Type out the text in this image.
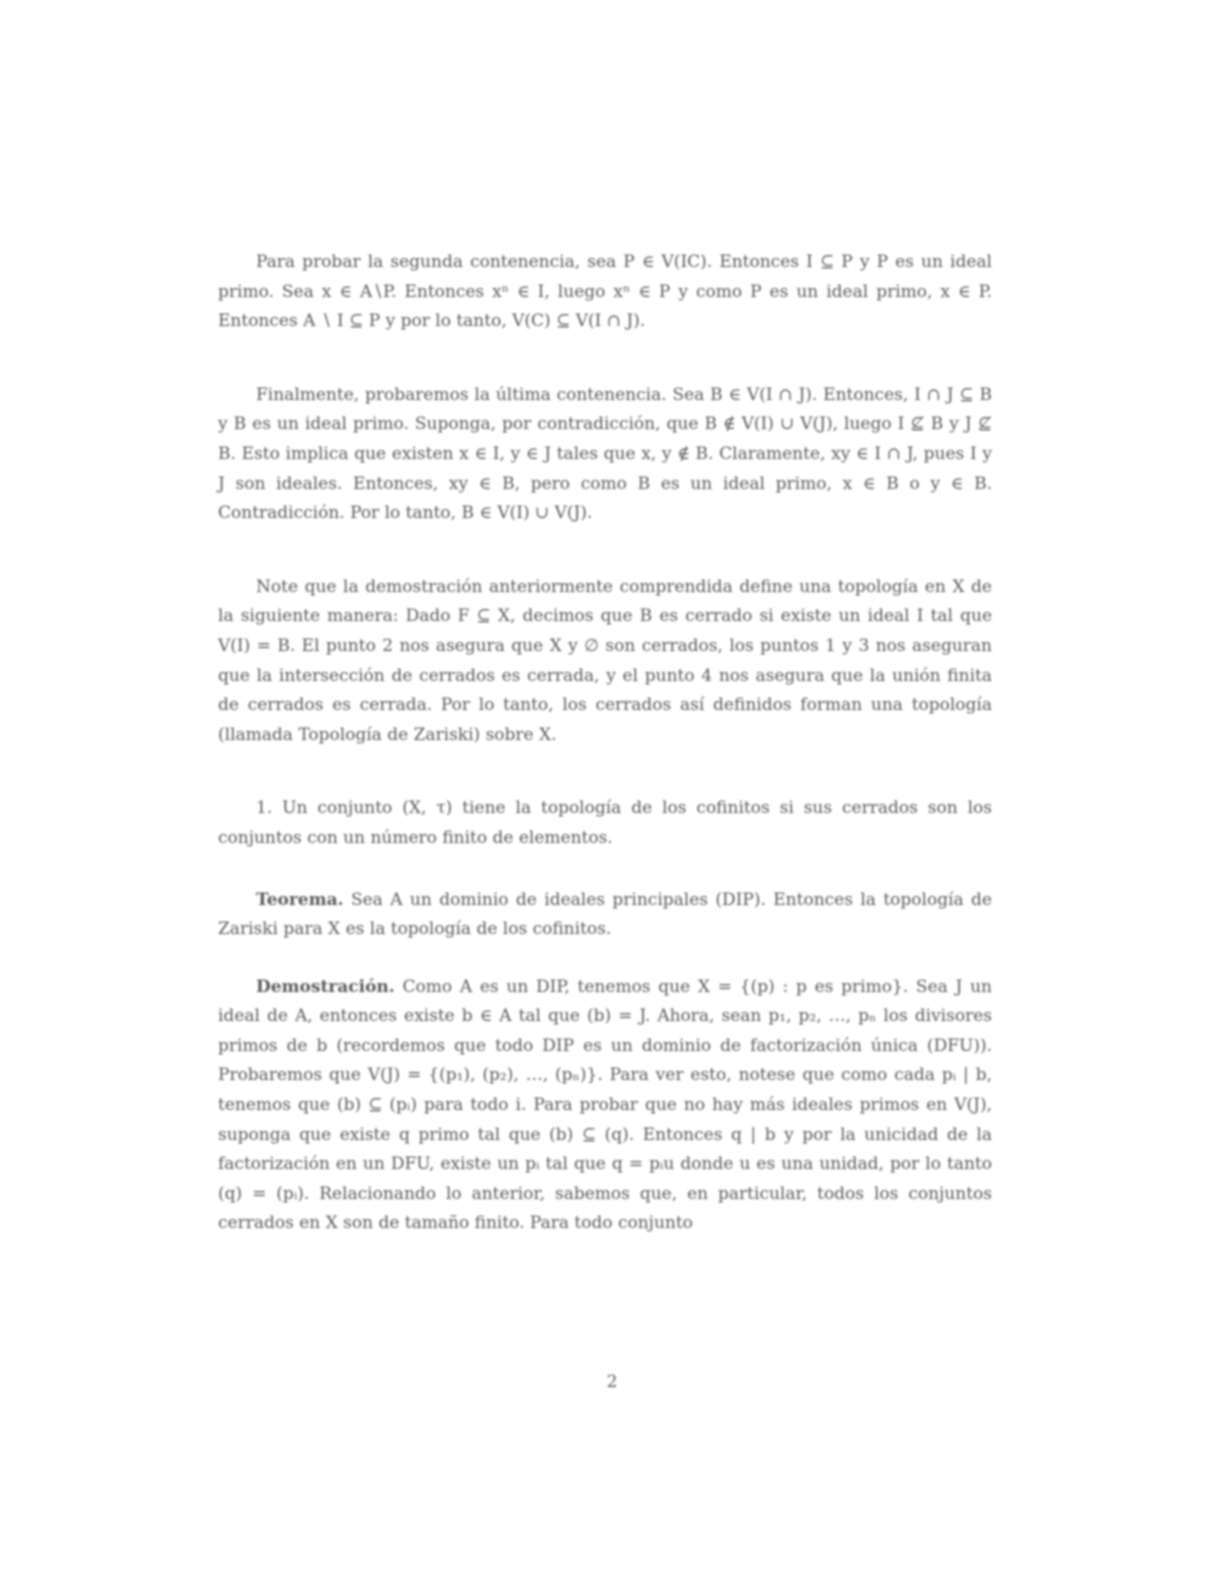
Para probar la segunda contenencia, sea P ∈ V(IC). Entonces I ⊆ P y P es un ideal primo. Sea x ∈ A∖P. Entonces xⁿ ∈ I, luego xⁿ ∈ P y como P es un ideal primo, x ∈ P. Entonces A ∖ I ⊆ P y por lo tanto, V(C) ⊆ V(I ∩ J).

Finalmente, probaremos la última contenencia. Sea B ∈ V(I ∩ J). Entonces, I ∩ J ⊆ B y B es un ideal primo. Suponga, por contradicción, que B ∉ V(I) ∪ V(J), luego I ⊈ B y J ⊈ B. Esto implica que existen x ∈ I, y ∈ J tales que x, y ∉ B. Claramente, xy ∈ I ∩ J, pues I y J son ideales. Entonces, xy ∈ B, pero como B es un ideal primo, x ∈ B o y ∈ B. Contradicción. Por lo tanto, B ∈ V(I) ∪ V(J).

Note que la demostración anteriormente comprendida define una topología en X de la siguiente manera: Dado F ⊆ X, decimos que B es cerrado si existe un ideal I tal que V(I) = B. El punto 2 nos asegura que X y ∅ son cerrados, los puntos 1 y 3 nos aseguran que la intersección de cerrados es cerrada, y el punto 4 nos asegura que la unión finita de cerrados es cerrada. Por lo tanto, los cerrados así definidos forman una topología (llamada Topología de Zariski) sobre X.

1. Un conjunto (X, τ) tiene la topología de los cofinitos si sus cerrados son los conjuntos con un número finito de elementos.

Teorema. Sea A un dominio de ideales principales (DIP). Entonces la topología de Zariski para X es la topología de los cofinitos.

Demostración. Como A es un DIP, tenemos que X = {(p) : p es primo}. Sea J un ideal de A, entonces existe b ∈ A tal que (b) = J. Ahora, sean p₁, p₂, …, pₙ los divisores primos de b (recordemos que todo DIP es un dominio de factorización única (DFU)). Probaremos que V(J) = {(p₁), (p₂), …, (pₙ)}. Para ver esto, notese que como cada pᵢ | b, tenemos que (b) ⊆ (pᵢ) para todo i. Para probar que no hay más ideales primos en V(J), suponga que existe q primo tal que (b) ⊆ (q). Entonces q | b y por la unicidad de la factorización en un DFU, existe un pᵢ tal que q = pᵢu donde u es una unidad, por lo tanto (q) = (pᵢ). Relacionando lo anterior, sabemos que, en particular, todos los conjuntos cerrados en X son de tamaño finito. Para todo conjunto

2
